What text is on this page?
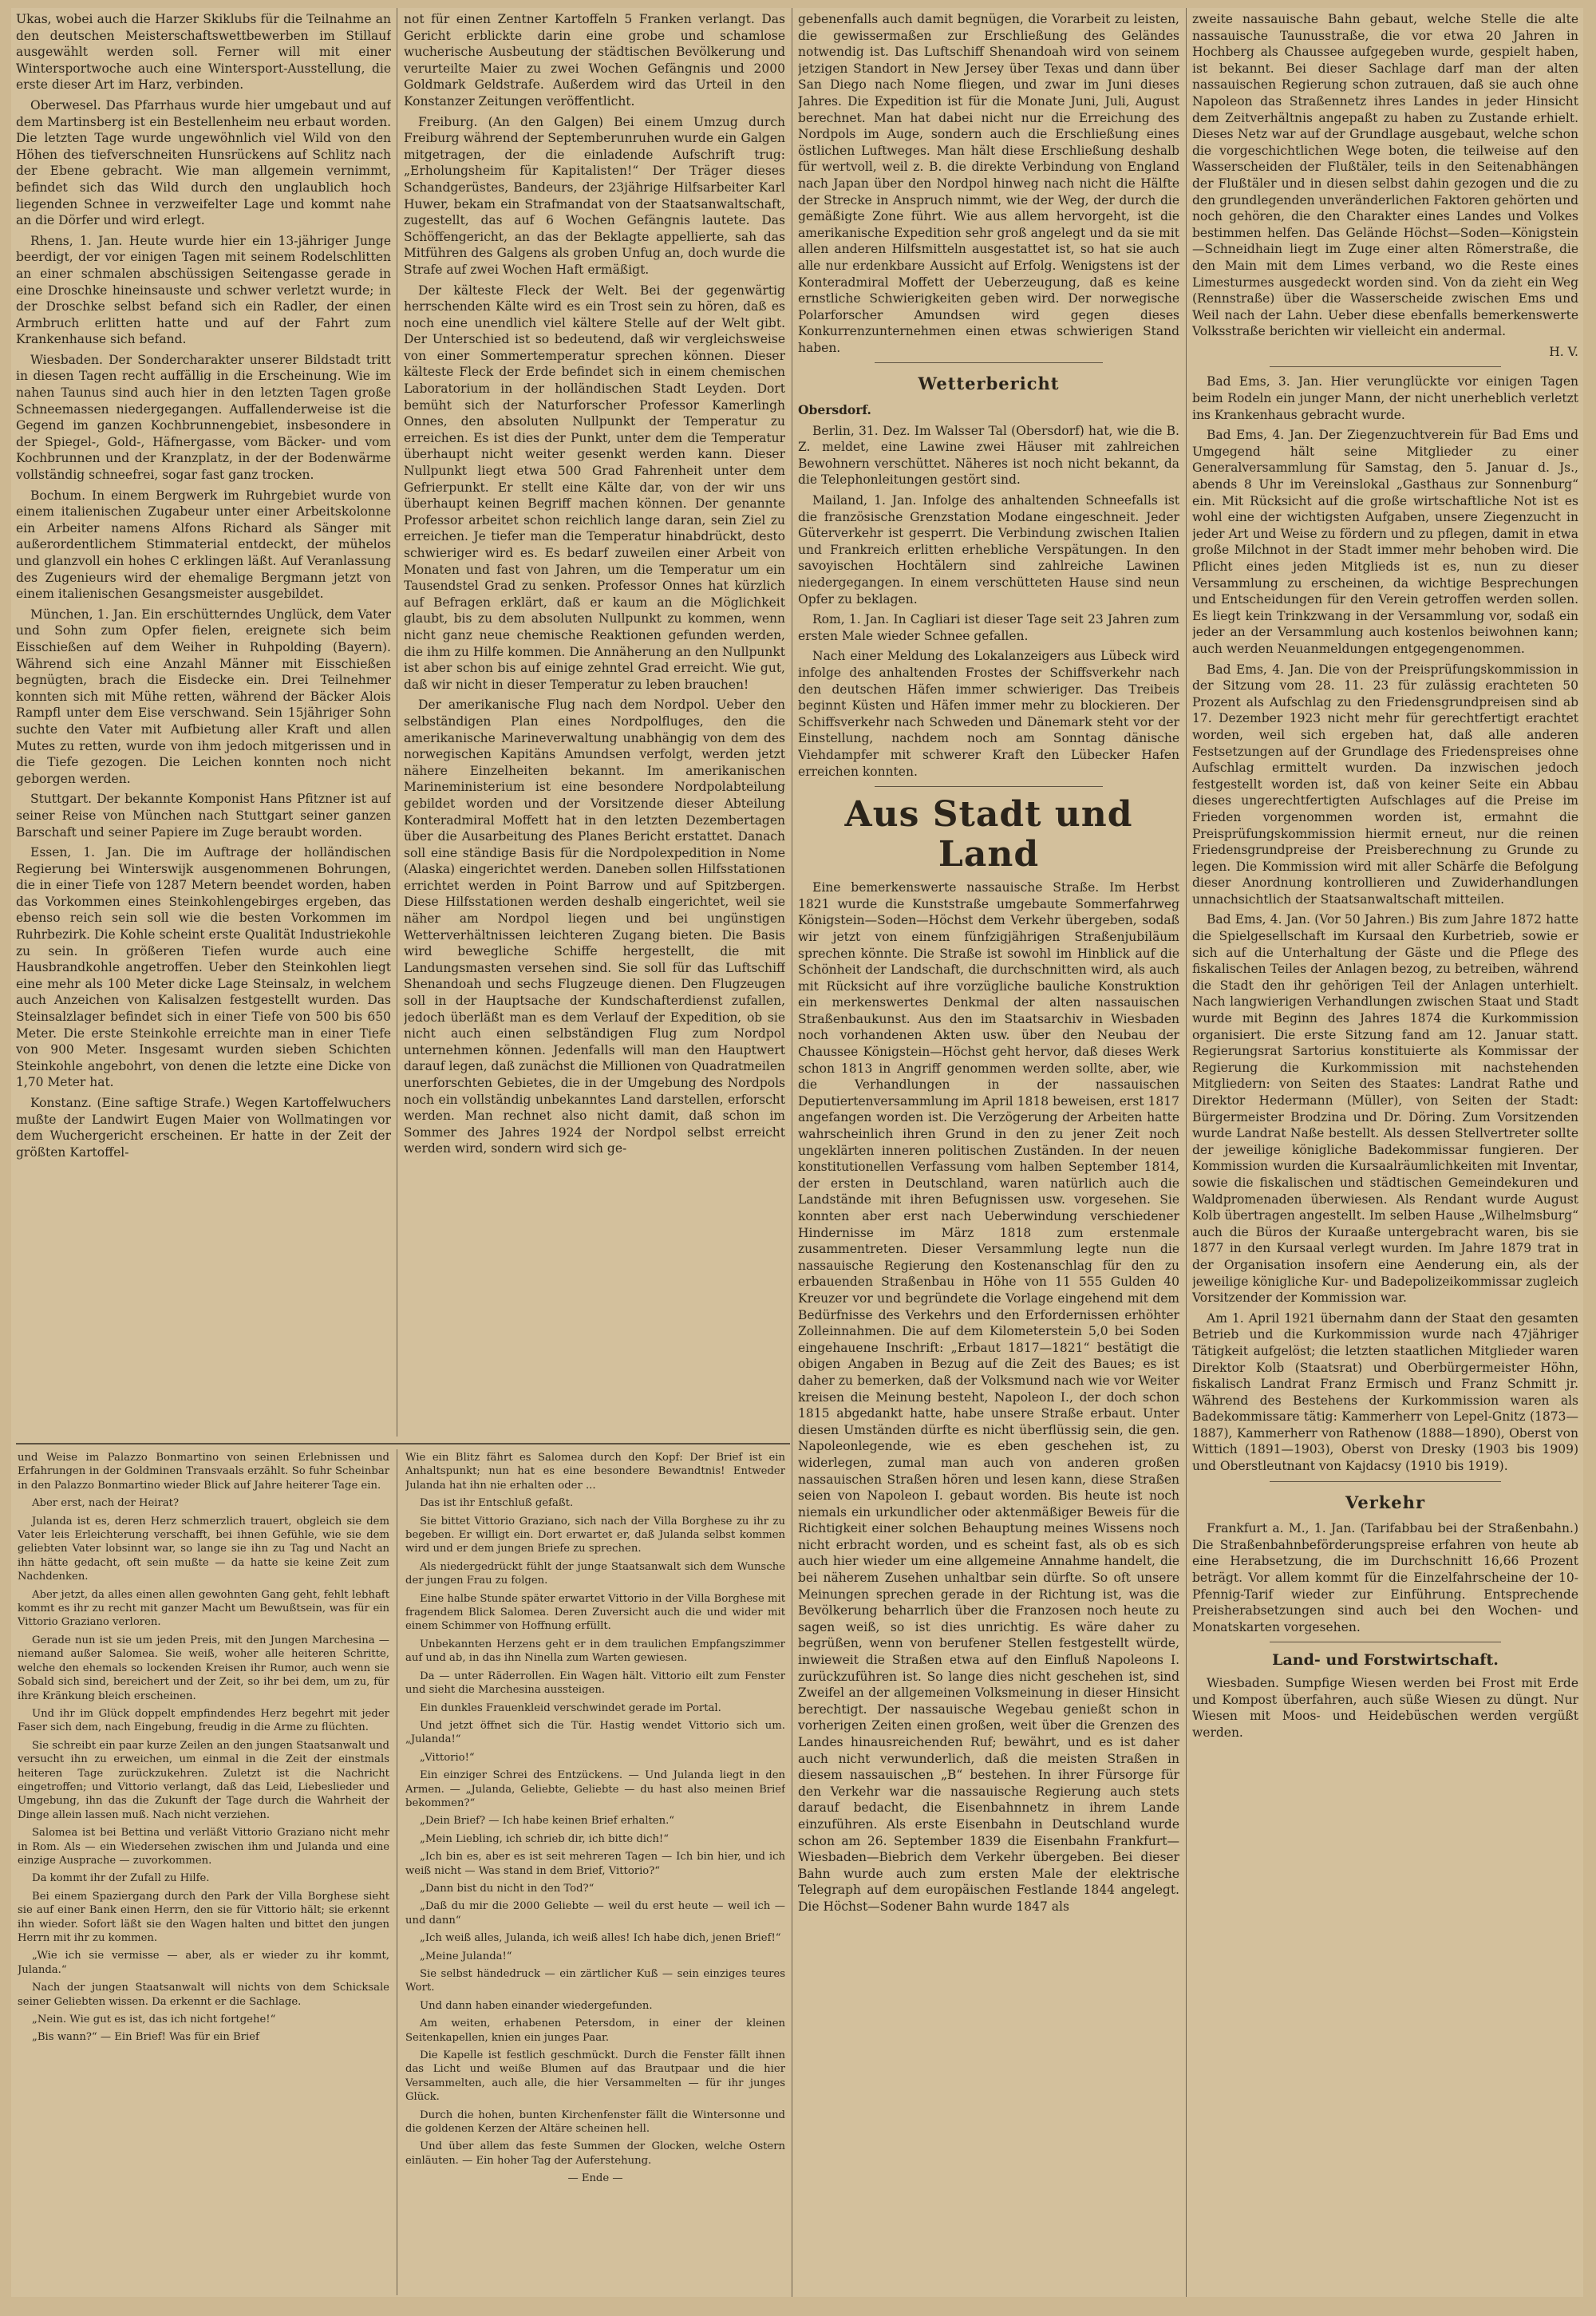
Ukas, wobei auch die Harzer Skiklubs für die Teilnahme an den deutschen Meisterschaftswettbewerben im Stillauf ausgewählt werden soll. Ferner will mit einer Wintersportwoche auch eine Wintersport-Ausstellung, die erste dieser Art im Harz, verbinden.

Oberwesel. Das Pfarrhaus wurde hier umgebaut und auf dem Martinsberg ist ein Bestellenheim neu erbaut worden. Die letzten Tage wurde ungewöhnlich viel Wild von den Höhen des tiefverschneiten Hunsrückens auf Schlitz nach der Ebene gebracht. Wie man allgemein vernimmt, befindet sich das Wild durch den unglaublich hoch liegenden Schnee in verzweifelter Lage und kommt nahe an die Dörfer und wird erlegt.

Rhens, 1. Jan. Heute wurde hier ein 13-jähriger Junge beerdigt, der vor einigen Tagen mit seinem Rodelschlitten an einer schmalen abschüssigen Seitengasse gerade in eine Droschke hineinsauste und schwer verletzt wurde; in der Droschke selbst befand sich ein Radler, der einen Armbruch erlitten hatte und auf der Fahrt zum Krankenhause sich befand.

Wiesbaden. Der Sondercharakter unserer Bildstadt tritt in diesen Tagen recht auffällig in die Erscheinung. Wie im nahen Taunus sind auch hier in den letzten Tagen große Schneemassen niedergegangen. Auffallenderweise ist die Gegend im ganzen Kochbrunnengebiet, insbesondere in der Spiegel-, Gold-, Häfnergasse, vom Bäcker- und vom Kochbrunnen und der Kranzplatz, in der der Bodenwärme vollständig schneefrei, sogar fast ganz trocken.

Bochum. In einem Bergwerk im Ruhrgebiet wurde von einem italienischen Zugabeur unter einer Arbeitskolonne ein Arbeiter namens Alfons Richard als Sänger mit außerordentlichem Stimmaterial entdeckt, der mühelos und glanzvoll ein hohes C erklingen läßt. Auf Veranlassung des Zugenieurs wird der ehemalige Bergmann jetzt von einem italienischen Gesangsmeister ausgebildet.

München, 1. Jan. Ein erschütterndes Unglück, dem Vater und Sohn zum Opfer fielen, ereignete sich beim Eisschießen auf dem Weiher in Ruhpolding (Bayern). Während sich eine Anzahl Männer mit Eisschießen begnügten, brach die Eisdecke ein. Drei Teilnehmer konnten sich mit Mühe retten, während der Bäcker Alois Rampfl unter dem Eise verschwand. Sein 15jähriger Sohn suchte den Vater mit Aufbietung aller Kraft und allen Mutes zu retten, wurde von ihm jedoch mitgerissen und in die Tiefe gezogen. Die Leichen konnten noch nicht geborgen werden.

Stuttgart. Der bekannte Komponist Hans Pfitzner ist auf seiner Reise von München nach Stuttgart seiner ganzen Barschaft und seiner Papiere im Zuge beraubt worden.

Essen, 1. Jan. Die im Auftrage der holländischen Regierung bei Winterswijk ausgenommenen Bohrungen, die in einer Tiefe von 1287 Metern beendet worden, haben das Vorkommen eines Steinkohlengebirges ergeben, das ebenso reich sein soll wie die besten Vorkommen im Ruhrbezirk. Die Kohle scheint erste Qualität Industriekohle zu sein. In größeren Tiefen wurde auch eine Hausbrandkohle angetroffen. Ueber den Steinkohlen liegt eine mehr als 100 Meter dicke Lage Steinsalz, in welchem auch Anzeichen von Kalisalzen festgestellt wurden. Das Steinsalzlager befindet sich in einer Tiefe von 500 bis 650 Meter. Die erste Steinkohle erreichte man in einer Tiefe von 900 Meter. Insgesamt wurden sieben Schichten Steinkohle angebohrt, von denen die letzte eine Dicke von 1,70 Meter hat.

Konstanz. (Eine saftige Strafe.) Wegen Kartoffelwuchers mußte der Landwirt Eugen Maier von Wollmatingen vor dem Wuchergericht erscheinen. Er hatte in der Zeit der größten Kartoffel-

not für einen Zentner Kartoffeln 5 Franken verlangt. Das Gericht erblickte darin eine grobe und schamlose wucherische Ausbeutung der städtischen Bevölkerung und verurteilte Maier zu zwei Wochen Gefängnis und 2000 Goldmark Geldstrafe. Außerdem wird das Urteil in den Konstanzer Zeitungen veröffentlicht.

Freiburg. (An den Galgen) Bei einem Umzug durch Freiburg während der Septemberunruhen wurde ein Galgen mitgetragen, der die einladende Aufschrift trug: „Erholungsheim für Kapitalisten!“ Der Träger dieses Schandgerüstes, Bandeurs, der 23jährige Hilfsarbeiter Karl Huwer, bekam ein Strafmandat von der Staatsanwaltschaft, zugestellt, das auf 6 Wochen Gefängnis lautete. Das Schöffengericht, an das der Beklagte appellierte, sah das Mitführen des Galgens als groben Unfug an, doch wurde die Strafe auf zwei Wochen Haft ermäßigt.

Der kälteste Fleck der Welt. Bei der gegenwärtig herrschenden Kälte wird es ein Trost sein zu hören, daß es noch eine unendlich viel kältere Stelle auf der Welt gibt. Der Unterschied ist so bedeutend, daß wir vergleichsweise von einer Sommertemperatur sprechen können. Dieser kälteste Fleck der Erde befindet sich in einem chemischen Laboratorium in der holländischen Stadt Leyden. Dort bemüht sich der Naturforscher Professor Kamerlingh Onnes, den absoluten Nullpunkt der Temperatur zu erreichen. Es ist dies der Punkt, unter dem die Temperatur überhaupt nicht weiter gesenkt werden kann. Dieser Nullpunkt liegt etwa 500 Grad Fahrenheit unter dem Gefrierpunkt. Er stellt eine Kälte dar, von der wir uns überhaupt keinen Begriff machen können. Der genannte Professor arbeitet schon reichlich lange daran, sein Ziel zu erreichen. Je tiefer man die Temperatur hinabdrückt, desto schwieriger wird es. Es bedarf zuweilen einer Arbeit von Monaten und fast von Jahren, um die Temperatur um ein Tausendstel Grad zu senken. Professor Onnes hat kürzlich auf Befragen erklärt, daß er kaum an die Möglichkeit glaubt, bis zu dem absoluten Nullpunkt zu kommen, wenn nicht ganz neue chemische Reaktionen gefunden werden, die ihm zu Hilfe kommen. Die Annäherung an den Nullpunkt ist aber schon bis auf einige zehntel Grad erreicht. Wie gut, daß wir nicht in dieser Temperatur zu leben brauchen!

Der amerikanische Flug nach dem Nordpol. Ueber den selbständigen Plan eines Nordpolfluges, den die amerikanische Marineverwaltung unabhängig von dem des norwegischen Kapitäns Amundsen verfolgt, werden jetzt nähere Einzelheiten bekannt. Im amerikanischen Marineministerium ist eine besondere Nordpolabteilung gebildet worden und der Vorsitzende dieser Abteilung Konteradmiral Moffett hat in den letzten Dezembertagen über die Ausarbeitung des Planes Bericht erstattet. Danach soll eine ständige Basis für die Nordpolexpedition in Nome (Alaska) eingerichtet werden. Daneben sollen Hilfsstationen errichtet werden in Point Barrow und auf Spitzbergen. Diese Hilfsstationen werden deshalb eingerichtet, weil sie näher am Nordpol liegen und bei ungünstigen Wetterverhältnissen leichteren Zugang bieten. Die Basis wird bewegliche Schiffe hergestellt, die mit Landungsmasten versehen sind. Sie soll für das Luftschiff Shenandoah und sechs Flugzeuge dienen. Den Flugzeugen soll in der Hauptsache der Kundschafterdienst zufallen, jedoch überläßt man es dem Verlauf der Expedition, ob sie nicht auch einen selbständigen Flug zum Nordpol unternehmen können. Jedenfalls will man den Hauptwert darauf legen, daß zunächst die Millionen von Quadratmeilen unerforschten Gebietes, die in der Umgebung des Nordpols noch ein vollständig unbekanntes Land darstellen, erforscht werden. Man rechnet also nicht damit, daß schon im Sommer des Jahres 1924 der Nordpol selbst erreicht werden wird, sondern wird sich ge-

und Weise im Palazzo Bonmartino von seinen Erlebnissen und Erfahrungen in der Goldminen Transvaals erzählt. So fuhr Scheinbar in den Palazzo Bonmartino wieder Blick auf Jahre heiterer Tage ein.

Aber erst, nach der Heirat?

Julanda ist es, deren Herz schmerzlich trauert, obgleich sie dem Vater leis Erleichterung verschafft, bei ihnen Gefühle, wie sie dem geliebten Vater lobsinnt war, so lange sie ihn zu Tag und Nacht an ihn hätte gedacht, oft sein mußte — da hatte sie keine Zeit zum Nachdenken.

Aber jetzt, da alles einen allen gewohnten Gang geht, fehlt lebhaft kommt es ihr zu recht mit ganzer Macht um Bewußtsein, was für ein Vittorio Graziano verloren.

Gerade nun ist sie um jeden Preis, mit den Jungen Marchesina — niemand außer Salomea. Sie weiß, woher alle heiteren Schritte, welche den ehemals so lockenden Kreisen ihr Rumor, auch wenn sie Sobald sich sind, bereichert und der Zeit, so ihr bei dem, um zu, für ihre Kränkung bleich erscheinen.

Und ihr im Glück doppelt empfindendes Herz begehrt mit jeder Faser sich dem, nach Eingebung, freudig in die Arme zu flüchten.

Sie schreibt ein paar kurze Zeilen an den jungen Staatsanwalt und versucht ihn zu erweichen, um einmal in die Zeit der einstmals heiteren Tage zurückzukehren. Zuletzt ist die Nachricht eingetroffen; und Vittorio verlangt, daß das Leid, Liebeslieder und Umgebung, ihn das die Zukunft der Tage durch die Wahrheit der Dinge allein lassen muß. Nach nicht verziehen.

Salomea ist bei Bettina und verläßt Vittorio Graziano nicht mehr in Rom. Als — ein Wiedersehen zwischen ihm und Julanda und eine einzige Ausprache — zuvorkommen.

Da kommt ihr der Zufall zu Hilfe.

Bei einem Spaziergang durch den Park der Villa Borghese sieht sie auf einer Bank einen Herrn, den sie für Vittorio hält; sie erkennt ihn wieder. Sofort läßt sie den Wagen halten und bittet den jungen Herrn mit ihr zu kommen.

„Wie ich sie vermisse — aber, als er wieder zu ihr kommt, Julanda.“

Nach der jungen Staatsanwalt will nichts von dem Schicksale seiner Geliebten wissen. Da erkennt er die Sachlage.

„Nein. Wie gut es ist, das ich nicht fortgehe!“

„Bis wann?“ — Ein Brief! Was für ein Brief

Wie ein Blitz fährt es Salomea durch den Kopf: Der Brief ist ein Anhaltspunkt; nun hat es eine besondere Bewandtnis! Entweder Julanda hat ihn nie erhalten oder ...

Das ist ihr Entschluß gefaßt.

Sie bittet Vittorio Graziano, sich nach der Villa Borghese zu ihr zu begeben. Er willigt ein. Dort erwartet er, daß Julanda selbst kommen wird und er dem jungen Briefe zu sprechen.

Als niedergedrückt fühlt der junge Staatsanwalt sich dem Wunsche der jungen Frau zu folgen.

Eine halbe Stunde später erwartet Vittorio in der Villa Borghese mit fragendem Blick Salomea. Deren Zuversicht auch die und wider mit einem Schimmer von Hoffnung erfüllt.

Unbekannten Herzens geht er in dem traulichen Empfangszimmer auf und ab, in das ihn Ninella zum Warten gewiesen.

Da — unter Räderrollen. Ein Wagen hält. Vittorio eilt zum Fenster und sieht die Marchesina aussteigen.

Ein dunkles Frauenkleid verschwindet gerade im Portal.

Und jetzt öffnet sich die Tür. Hastig wendet Vittorio sich um. „Julanda!“

„Vittorio!“

Ein einziger Schrei des Entzückens. — Und Julanda liegt in den Armen. — „Julanda, Geliebte, Geliebte — du hast also meinen Brief bekommen?“

„Dein Brief? — Ich habe keinen Brief erhalten.“

„Mein Liebling, ich schrieb dir, ich bitte dich!“

„Ich bin es, aber es ist seit mehreren Tagen — Ich bin hier, und ich weiß nicht — Was stand in dem Brief, Vittorio?“

„Dann bist du nicht in den Tod?“

„Daß du mir die 2000 Geliebte — weil du erst heute — weil ich — und dann“

„Ich weiß alles, Julanda, ich weiß alles! Ich habe dich, jenen Brief!“

„Meine Julanda!“

Sie selbst händedruck — ein zärtlicher Kuß — sein einziges teures Wort.

Und dann haben einander wiedergefunden.

Am weiten, erhabenen Petersdom, in einer der kleinen Seitenkapellen, knien ein junges Paar.

Die Kapelle ist festlich geschmückt. Durch die Fenster fällt ihnen das Licht und weiße Blumen auf das Brautpaar und die hier Versammelten, auch alle, die hier Versammelten — für ihr junges Glück.

Durch die hohen, bunten Kirchenfenster fällt die Wintersonne und die goldenen Kerzen der Altäre scheinen hell.

Und über allem das feste Summen der Glocken, welche Ostern einläuten. — Ein hoher Tag der Auferstehung.

— Ende —

gebenenfalls auch damit begnügen, die Vorarbeit zu leisten, die gewissermaßen zur Erschließung des Geländes notwendig ist. Das Luftschiff Shenandoah wird von seinem jetzigen Standort in New Jersey über Texas und dann über San Diego nach Nome fliegen, und zwar im Juni dieses Jahres. Die Expedition ist für die Monate Juni, Juli, August berechnet. Man hat dabei nicht nur die Erreichung des Nordpols im Auge, sondern auch die Erschließung eines östlichen Luftweges. Man hält diese Erschließung deshalb für wertvoll, weil z. B. die direkte Verbindung von England nach Japan über den Nordpol hinweg nach nicht die Hälfte der Strecke in Anspruch nimmt, wie der Weg, der durch die gemäßigte Zone führt. Wie aus allem hervorgeht, ist die amerikanische Expedition sehr groß angelegt und da sie mit allen anderen Hilfsmitteln ausgestattet ist, so hat sie auch alle nur erdenkbare Aussicht auf Erfolg. Wenigstens ist der Konteradmiral Moffett der Ueberzeugung, daß es keine ernstliche Schwierigkeiten geben wird. Der norwegische Polarforscher Amundsen wird gegen dieses Konkurrenzunternehmen einen etwas schwierigen Stand haben.

Wetterbericht

Obersdorf.

Berlin, 31. Dez. Im Walsser Tal (Obersdorf) hat, wie die B. Z. meldet, eine Lawine zwei Häuser mit zahlreichen Bewohnern verschüttet. Näheres ist noch nicht bekannt, da die Telephonleitungen gestört sind.

Mailand, 1. Jan. Infolge des anhaltenden Schneefalls ist die französische Grenzstation Modane eingeschneit. Jeder Güterverkehr ist gesperrt. Die Verbindung zwischen Italien und Frankreich erlitten erhebliche Verspätungen. In den savoyischen Hochtälern sind zahlreiche Lawinen niedergegangen. In einem verschütteten Hause sind neun Opfer zu beklagen.

Rom, 1. Jan. In Cagliari ist dieser Tage seit 23 Jahren zum ersten Male wieder Schnee gefallen.

Nach einer Meldung des Lokalanzeigers aus Lübeck wird infolge des anhaltenden Frostes der Schiffsverkehr nach den deutschen Häfen immer schwieriger. Das Treibeis beginnt Küsten und Häfen immer mehr zu blockieren. Der Schiffsverkehr nach Schweden und Dänemark steht vor der Einstellung, nachdem noch am Sonntag dänische Viehdampfer mit schwerer Kraft den Lübecker Hafen erreichen konnten.

Aus Stadt und Land

Eine bemerkenswerte nassauische Straße. Im Herbst 1821 wurde die Kunststraße umgebaute Sommerfahrweg Königstein—Soden—Höchst dem Verkehr übergeben, sodaß wir jetzt von einem fünfzigjährigen Straßenjubiläum sprechen könnte. Die Straße ist sowohl im Hinblick auf die Schönheit der Landschaft, die durchschnitten wird, als auch mit Rücksicht auf ihre vorzügliche bauliche Konstruktion ein merkenswertes Denkmal der alten nassauischen Straßenbaukunst. Aus den im Staatsarchiv in Wiesbaden noch vorhandenen Akten usw. über den Neubau der Chaussee Königstein—Höchst geht hervor, daß dieses Werk schon 1813 in Angriff genommen werden sollte, aber, wie die Verhandlungen in der nassauischen Deputiertenversammlung im April 1818 beweisen, erst 1817 angefangen worden ist. Die Verzögerung der Arbeiten hatte wahrscheinlich ihren Grund in den zu jener Zeit noch ungeklärten inneren politischen Zuständen. In der neuen konstitutionellen Verfassung vom halben September 1814, der ersten in Deutschland, waren natürlich auch die Landstände mit ihren Befugnissen usw. vorgesehen. Sie konnten aber erst nach Ueberwindung verschiedener Hindernisse im März 1818 zum erstenmale zusammentreten. Dieser Versammlung legte nun die nassauische Regierung den Kostenanschlag für den zu erbauenden Straßenbau in Höhe von 11 555 Gulden 40 Kreuzer vor und begründete die Vorlage eingehend mit dem Bedürfnisse des Verkehrs und den Erfordernissen erhöhter Zolleinnahmen. Die auf dem Kilometerstein 5,0 bei Soden eingehauene Inschrift: „Erbaut 1817—1821“ bestätigt die obigen Angaben in Bezug auf die Zeit des Baues; es ist daher zu bemerken, daß der Volksmund nach wie vor Weiter kreisen die Meinung besteht, Napoleon I., der doch schon 1815 abgedankt hatte, habe unsere Straße erbaut. Unter diesen Umständen dürfte es nicht überflüssig sein, die gen. Napoleonlegende, wie es eben geschehen ist, zu widerlegen, zumal man auch von anderen großen nassauischen Straßen hören und lesen kann, diese Straßen seien von Napoleon I. gebaut worden. Bis heute ist noch niemals ein urkundlicher oder aktenmäßiger Beweis für die Richtigkeit einer solchen Behauptung meines Wissens noch nicht erbracht worden, und es scheint fast, als ob es sich auch hier wieder um eine allgemeine Annahme handelt, die bei näherem Zusehen unhaltbar sein dürfte. So oft unsere Meinungen sprechen gerade in der Richtung ist, was die Bevölkerung beharrlich über die Franzosen noch heute zu sagen weiß, so ist dies unrichtig. Es wäre daher zu begrüßen, wenn von berufener Stellen festgestellt würde, inwieweit die Straßen etwa auf den Einfluß Napoleons I. zurückzuführen ist. So lange dies nicht geschehen ist, sind Zweifel an der allgemeinen Volksmeinung in dieser Hinsicht berechtigt. Der nassauische Wegebau genießt schon in vorherigen Zeiten einen großen, weit über die Grenzen des Landes hinausreichenden Ruf; bewährt, und es ist daher auch nicht verwunderlich, daß die meisten Straßen in diesem nassauischen „B“ bestehen. In ihrer Fürsorge für den Verkehr war die nassauische Regierung auch stets darauf bedacht, die Eisenbahnnetz in ihrem Lande einzuführen. Als erste Eisenbahn in Deutschland wurde schon am 26. September 1839 die Eisenbahn Frankfurt—Wiesbaden—Biebrich dem Verkehr übergeben. Bei dieser Bahn wurde auch zum ersten Male der elektrische Telegraph auf dem europäischen Festlande 1844 angelegt. Die Höchst—Sodener Bahn wurde 1847 als

zweite nassauische Bahn gebaut, welche Stelle die alte nassauische Taunusstraße, die vor etwa 20 Jahren in Hochberg als Chaussee aufgegeben wurde, gespielt haben, ist bekannt. Bei dieser Sachlage darf man der alten nassauischen Regierung schon zutrauen, daß sie auch ohne Napoleon das Straßennetz ihres Landes in jeder Hinsicht dem Zeitverhältnis angepaßt zu haben zu Zustande erhielt. Dieses Netz war auf der Grundlage ausgebaut, welche schon die vorgeschichtlichen Wege boten, die teilweise auf den Wasserscheiden der Flußtäler, teils in den Seitenabhängen der Flußtäler und in diesen selbst dahin gezogen und die zu den grundlegenden unveränderlichen Faktoren gehörten und noch gehören, die den Charakter eines Landes und Volkes bestimmen helfen. Das Gelände Höchst—Soden—Königstein—Schneidhain liegt im Zuge einer alten Römerstraße, die den Main mit dem Limes verband, wo die Reste eines Limesturmes ausgedeckt worden sind. Von da zieht ein Weg (Rennstraße) über die Wasserscheide zwischen Ems und Weil nach der Lahn. Ueber diese ebenfalls bemerkenswerte Volksstraße berichten wir vielleicht ein andermal.

H. V.

Bad Ems, 3. Jan. Hier verunglückte vor einigen Tagen beim Rodeln ein junger Mann, der nicht unerheblich verletzt ins Krankenhaus gebracht wurde.

Bad Ems, 4. Jan. Der Ziegenzuchtverein für Bad Ems und Umgegend hält seine Mitglieder zu einer Generalversammlung für Samstag, den 5. Januar d. Js., abends 8 Uhr im Vereinslokal „Gasthaus zur Sonnenburg“ ein. Mit Rücksicht auf die große wirtschaftliche Not ist es wohl eine der wichtigsten Aufgaben, unsere Ziegenzucht in jeder Art und Weise zu fördern und zu pflegen, damit in etwa große Milchnot in der Stadt immer mehr behoben wird. Die Pflicht eines jeden Mitglieds ist es, nun zu dieser Versammlung zu erscheinen, da wichtige Besprechungen und Entscheidungen für den Verein getroffen werden sollen. Es liegt kein Trinkzwang in der Versammlung vor, sodaß ein jeder an der Versammlung auch kostenlos beiwohnen kann; auch werden Neuanmeldungen entgegengenommen.

Bad Ems, 4. Jan. Die von der Preisprüfungskommission in der Sitzung vom 28. 11. 23 für zulässig erachteten 50 Prozent als Aufschlag zu den Friedensgrundpreisen sind ab 17. Dezember 1923 nicht mehr für gerechtfertigt erachtet worden, weil sich ergeben hat, daß alle anderen Festsetzungen auf der Grundlage des Friedenspreises ohne Aufschlag ermittelt wurden. Da inzwischen jedoch festgestellt worden ist, daß von keiner Seite ein Abbau dieses ungerechtfertigten Aufschlages auf die Preise im Frieden vorgenommen worden ist, ermahnt die Preisprüfungskommission hiermit erneut, nur die reinen Friedensgrundpreise der Preisberechnung zu Grunde zu legen. Die Kommission wird mit aller Schärfe die Befolgung dieser Anordnung kontrollieren und Zuwiderhandlungen unnachsichtlich der Staatsanwaltschaft mitteilen.

Bad Ems, 4. Jan. (Vor 50 Jahren.) Bis zum Jahre 1872 hatte die Spielgesellschaft im Kursaal den Kurbetrieb, sowie er sich auf die Unterhaltung der Gäste und die Pflege des fiskalischen Teiles der Anlagen bezog, zu betreiben, während die Stadt den ihr gehörigen Teil der Anlagen unterhielt. Nach langwierigen Verhandlungen zwischen Staat und Stadt wurde mit Beginn des Jahres 1874 die Kurkommission organisiert. Die erste Sitzung fand am 12. Januar statt. Regierungsrat Sartorius konstituierte als Kommissar der Regierung die Kurkommission mit nachstehenden Mitgliedern: von Seiten des Staates: Landrat Rathe und Direktor Hedermann (Müller), von Seiten der Stadt: Bürgermeister Brodzina und Dr. Döring. Zum Vorsitzenden wurde Landrat Naße bestellt. Als dessen Stellvertreter sollte der jeweilige königliche Badekommissar fungieren. Der Kommission wurden die Kursaalräumlichkeiten mit Inventar, sowie die fiskalischen und städtischen Gemeindekuren und Waldpromenaden überwiesen. Als Rendant wurde August Kolb übertragen angestellt. Im selben Hause „Wilhelmsburg“ auch die Büros der Kuraaße untergebracht waren, bis sie 1877 in den Kursaal verlegt wurden. Im Jahre 1879 trat in der Organisation insofern eine Aenderung ein, als der jeweilige königliche Kur- und Badepolizeikommissar zugleich Vorsitzender der Kommission war.

Am 1. April 1921 übernahm dann der Staat den gesamten Betrieb und die Kurkommission wurde nach 47jähriger Tätigkeit aufgelöst; die letzten staatlichen Mitglieder waren Direktor Kolb (Staatsrat) und Oberbürgermeister Höhn, fiskalisch Landrat Franz Ermisch und Franz Schmitt jr. Während des Bestehens der Kurkommission waren als Badekommissare tätig: Kammerherr von Lepel-Gnitz (1873—1887), Kammerherr von Rathenow (1888—1890), Oberst von Wittich (1891—1903), Oberst von Dresky (1903 bis 1909) und Oberstleutnant von Kajdacsy (1910 bis 1919).

Verkehr

Frankfurt a. M., 1. Jan. (Tarifabbau bei der Straßenbahn.) Die Straßenbahnbeförderungspreise erfahren von heute ab eine Herabsetzung, die im Durchschnitt 16,66 Prozent beträgt. Vor allem kommt für die Einzelfahrscheine der 10-Pfennig-Tarif wieder zur Einführung. Entsprechende Preisherabsetzungen sind auch bei den Wochen- und Monatskarten vorgesehen.

Land- und Forstwirtschaft.

Wiesbaden. Sumpfige Wiesen werden bei Frost mit Erde und Kompost überfahren, auch süße Wiesen zu düngt. Nur Wiesen mit Moos- und Heidebüschen werden vergüßt werden.
